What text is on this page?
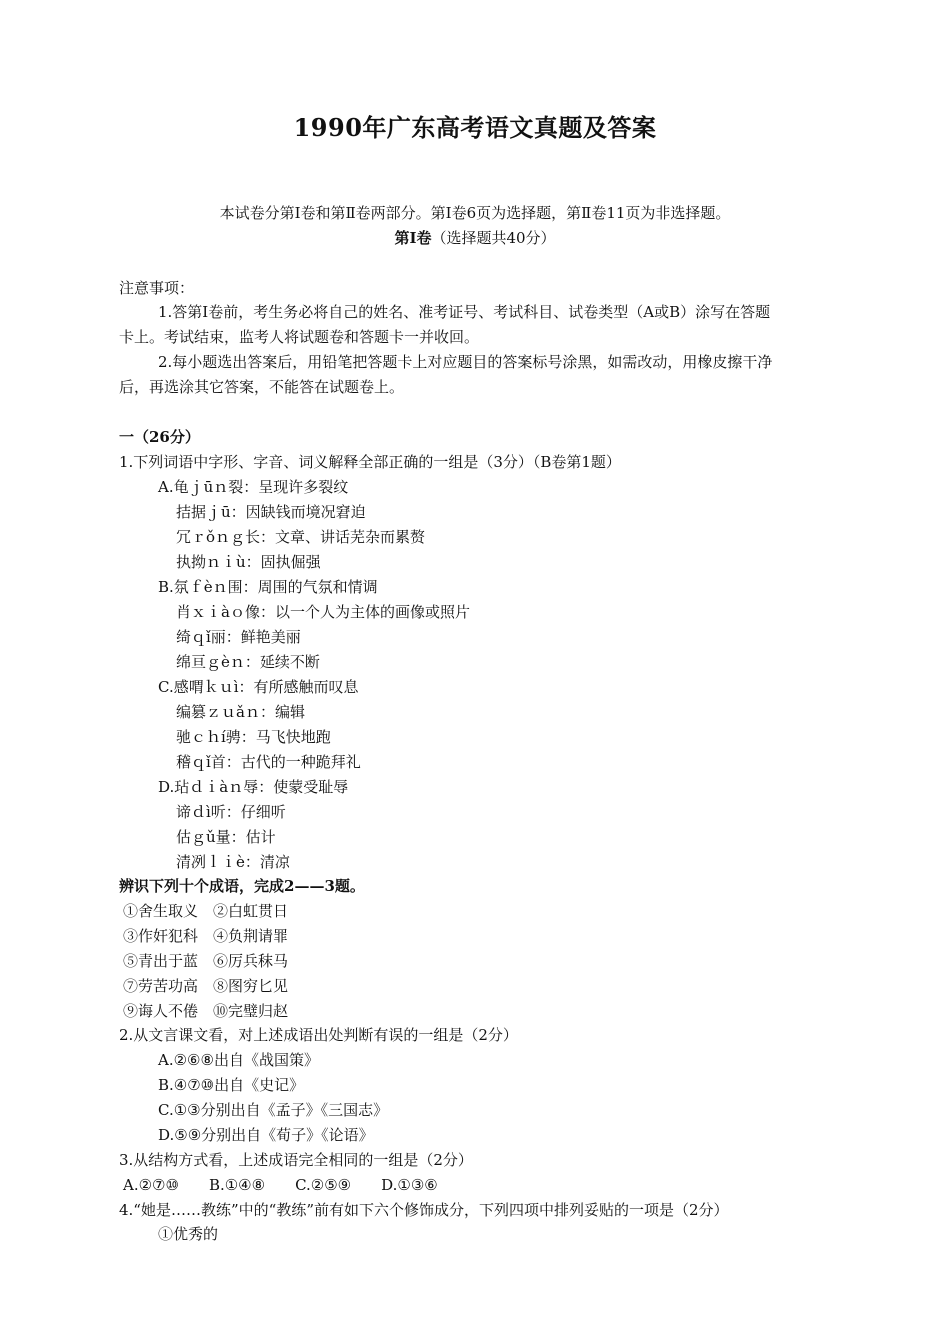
1990年广东高考语文真题及答案
本试卷分第Ⅰ卷和第Ⅱ卷两部分。第Ⅰ卷6页为选择题，第Ⅱ卷11页为非选择题。
第Ⅰ卷（选择题共40分）
注意事项：
1.答第Ⅰ卷前，考生务必将自己的姓名、准考证号、考试科目、试卷类型（A或B）涂写在答题
卡上。考试结束，监考人将试题卷和答题卡一并收回。
2.每小题选出答案后，用铅笔把答题卡上对应题目的答案标号涂黑，如需改动，用橡皮擦干净
后，再选涂其它答案，不能答在试题卷上。
一（26分）
1.下列词语中字形、字音、词义解释全部正确的一组是（3分）（B卷第1题）
A.龟ｊūｎ裂：呈现许多裂纹
拮据ｊū：因缺钱而境况窘迫
冗ｒǒｎｇ长：文章、讲话芜杂而累赘
执拗ｎｉù：固执倔强
B.氛ｆèｎ围：周围的气氛和情调
肖ｘｉàｏ像：以一个人为主体的画像或照片
绮ｑǐ丽：鲜艳美丽
绵亘ｇèｎ：延续不断
C.感喟ｋｕì：有所感触而叹息
编篡ｚｕǎｎ：编辑
驰ｃｈí骋：马飞快地跑
稽ｑǐ首：古代的一种跪拜礼
D.玷ｄｉàｎ辱：使蒙受耻辱
谛ｄì听：仔细听
估ｇǔ量：估计
清冽ｌｉè：清凉
辨识下列十个成语，完成2——3题。
①舍生取义　②白虹贯日
③作奸犯科　④负荆请罪
⑤青出于蓝　⑥厉兵秣马
⑦劳苦功高　⑧图穷匕见
⑨诲人不倦　⑩完璧归赵
2.从文言课文看，对上述成语出处判断有误的一组是（2分）
A.②⑥⑧出自《战国策》
B.④⑦⑩出自《史记》
C.①③分别出自《孟子》《三国志》
D.⑤⑨分别出自《荀子》《论语》
3.从结构方式看，上述成语完全相同的一组是（2分）
A.②⑦⑩　　B.①④⑧　　C.②⑤⑨　　D.①③⑥
4.“她是……教练”中的“教练”前有如下六个修饰成分，下列四项中排列妥贴的一项是（2分）
①优秀的
